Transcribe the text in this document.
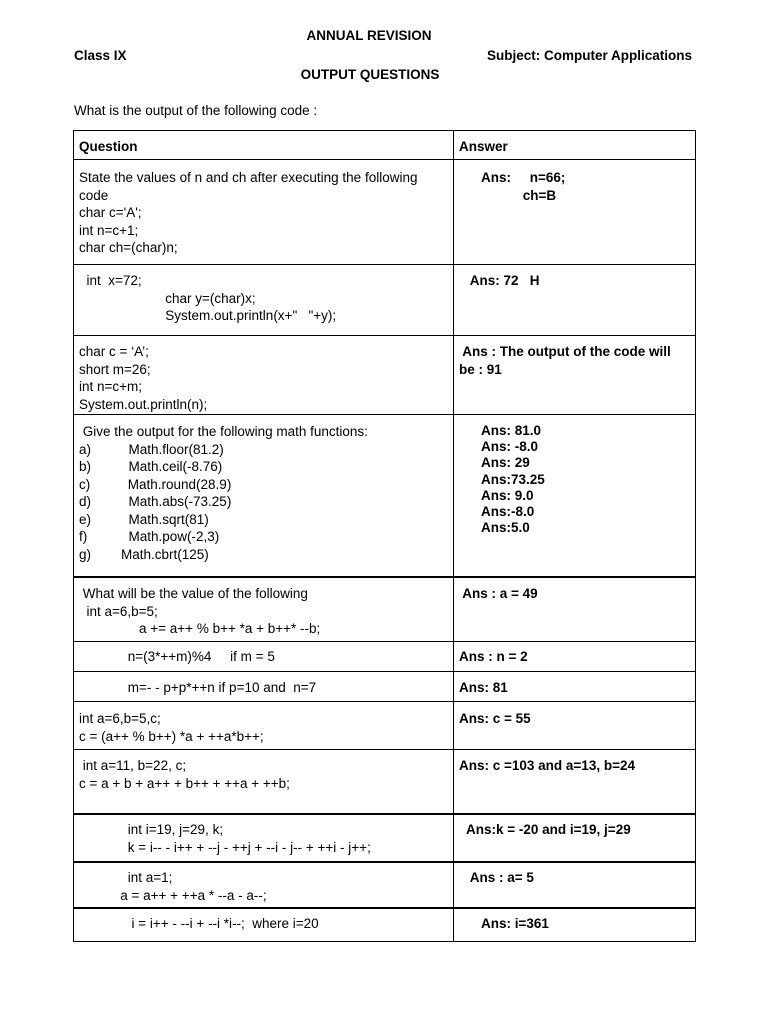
ANNUAL REVISION
Class IX	Subject: Computer Applications
OUTPUT QUESTIONS
What is the output of the following code :
Question	Answer
State the values of n and ch after executing the following
code
char c='A';
int n=c+1;
char ch=(char)n;
Ans:     n=66;
ch=B
int  x=72;
char y=(char)x;
System.out.println(x+"   "+y);
Ans: 72   H
char c = ‘A’;
short m=26;
int n=c+m;
System.out.println(n);
Ans : The output of the code will
be : 91
Give the output for the following math functions:
a)          Math.floor(81.2)
b)          Math.ceil(-8.76)
c)          Math.round(28.9)
d)          Math.abs(-73.25)
e)          Math.sqrt(81)
f)           Math.pow(-2,3)
g)        Math.cbrt(125)
Ans: 81.0
Ans: -8.0
Ans: 29
Ans:73.25
Ans: 9.0
Ans:-8.0
Ans:5.0
What will be the value of the following
int a=6,b=5;
a += a++ % b++ *a + b++* --b;
Ans : a = 49
n=(3*++m)%4     if m = 5	Ans : n = 2
m=- - p+p*++n if p=10 and  n=7	Ans: 81
int a=6,b=5,c;
c = (a++ % b++) *a + ++a*b++;
Ans: c = 55
int a=11, b=22, c;
c = a + b + a++ + b++ + ++a + ++b;
Ans: c =103 and a=13, b=24
int i=19, j=29, k;
k = i-- - i++ + --j - ++j + --i - j-- + ++i - j++;
Ans:k = -20 and i=19, j=29
int a=1;
a = a++ + ++a * --a - a--;
Ans : a= 5
i = i++ - --i + --i *i--;  where i=20	Ans: i=361
